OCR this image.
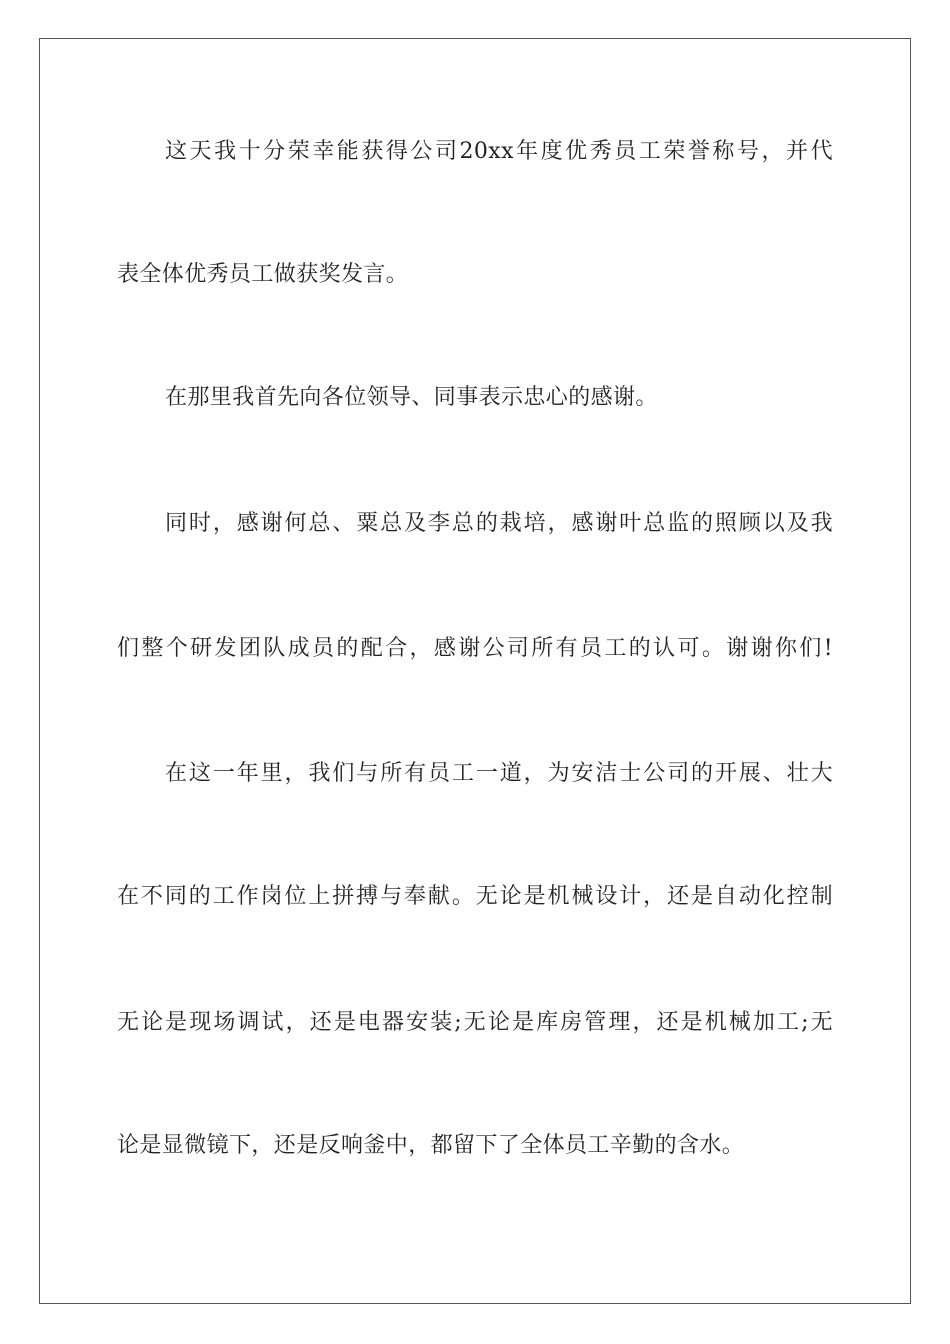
这天我十分荣幸能获得公司20xx年度优秀员工荣誉称号，并代
表全体优秀员工做获奖发言。
在那里我首先向各位领导、同事表示忠心的感谢。
同时，感谢何总、粟总及李总的栽培，感谢叶总监的照顾以及我
们整个研发团队成员的配合，感谢公司所有员工的认可。谢谢你们!
在这一年里，我们与所有员工一道，为安洁士公司的开展、壮大
在不同的工作岗位上拼搏与奉献。无论是机械设计，还是自动化控制
无论是现场调试，还是电器安装;无论是库房管理，还是机械加工;无
论是显微镜下，还是反响釜中，都留下了全体员工辛勤的含水。
